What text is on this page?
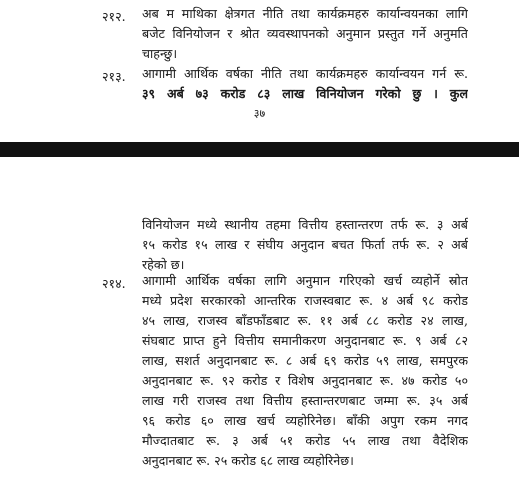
२१२.	अब म माथिका क्षेत्रगत नीति तथा कार्यक्रमहरु कार्यान्वयनका लागि
बजेट विनियोजन र श्रोत व्यवस्थापनको अनुमान प्रस्तुत गर्ने अनुमति
चाहन्छु।
२१३.	आगामी आर्थिक वर्षका नीति तथा कार्यक्रमहरु कार्यान्वयन गर्न रू.
३९ अर्ब ७३ करोड ८३ लाख विनियोजन गरेको छु । कुल
३७
विनियोजन मध्ये स्थानीय तहमा वित्तीय हस्तान्तरण तर्फ रू. ३ अर्ब
१५ करोड १५ लाख र संघीय अनुदान बचत फिर्ता तर्फ रू. २ अर्ब
रहेको छ।
२१४.	आगामी आर्थिक वर्षका लागि अनुमान गरिएको खर्च व्यहोर्ने स्रोत
मध्ये प्रदेश सरकारको आन्तरिक राजस्वबाट रू. ४ अर्ब ९८ करोड
४५ लाख, राजस्व बाँडफाँडबाट रू. ११ अर्ब ८८ करोड २४ लाख,
संघबाट प्राप्त हुने वित्तीय समानीकरण अनुदानबाट रू. ९ अर्ब ८२
लाख, सशर्त अनुदानबाट रू. ८ अर्ब ६९ करोड ५९ लाख, समपुरक
अनुदानबाट रू. ९२ करोड र विशेष अनुदानबाट रू. ४७ करोड ५०
लाख गरी राजस्व तथा वित्तीय हस्तान्तरणबाट जम्मा रू. ३५ अर्ब
९६ करोड ६० लाख खर्च व्यहोरिनेछ। बाँकी अपुग रकम नगद
मौज्दातबाट रू. ३ अर्ब ५१ करोड ५५ लाख तथा वैदेशिक
अनुदानबाट रू. २५ करोड ६८ लाख व्यहोरिनेछ।
